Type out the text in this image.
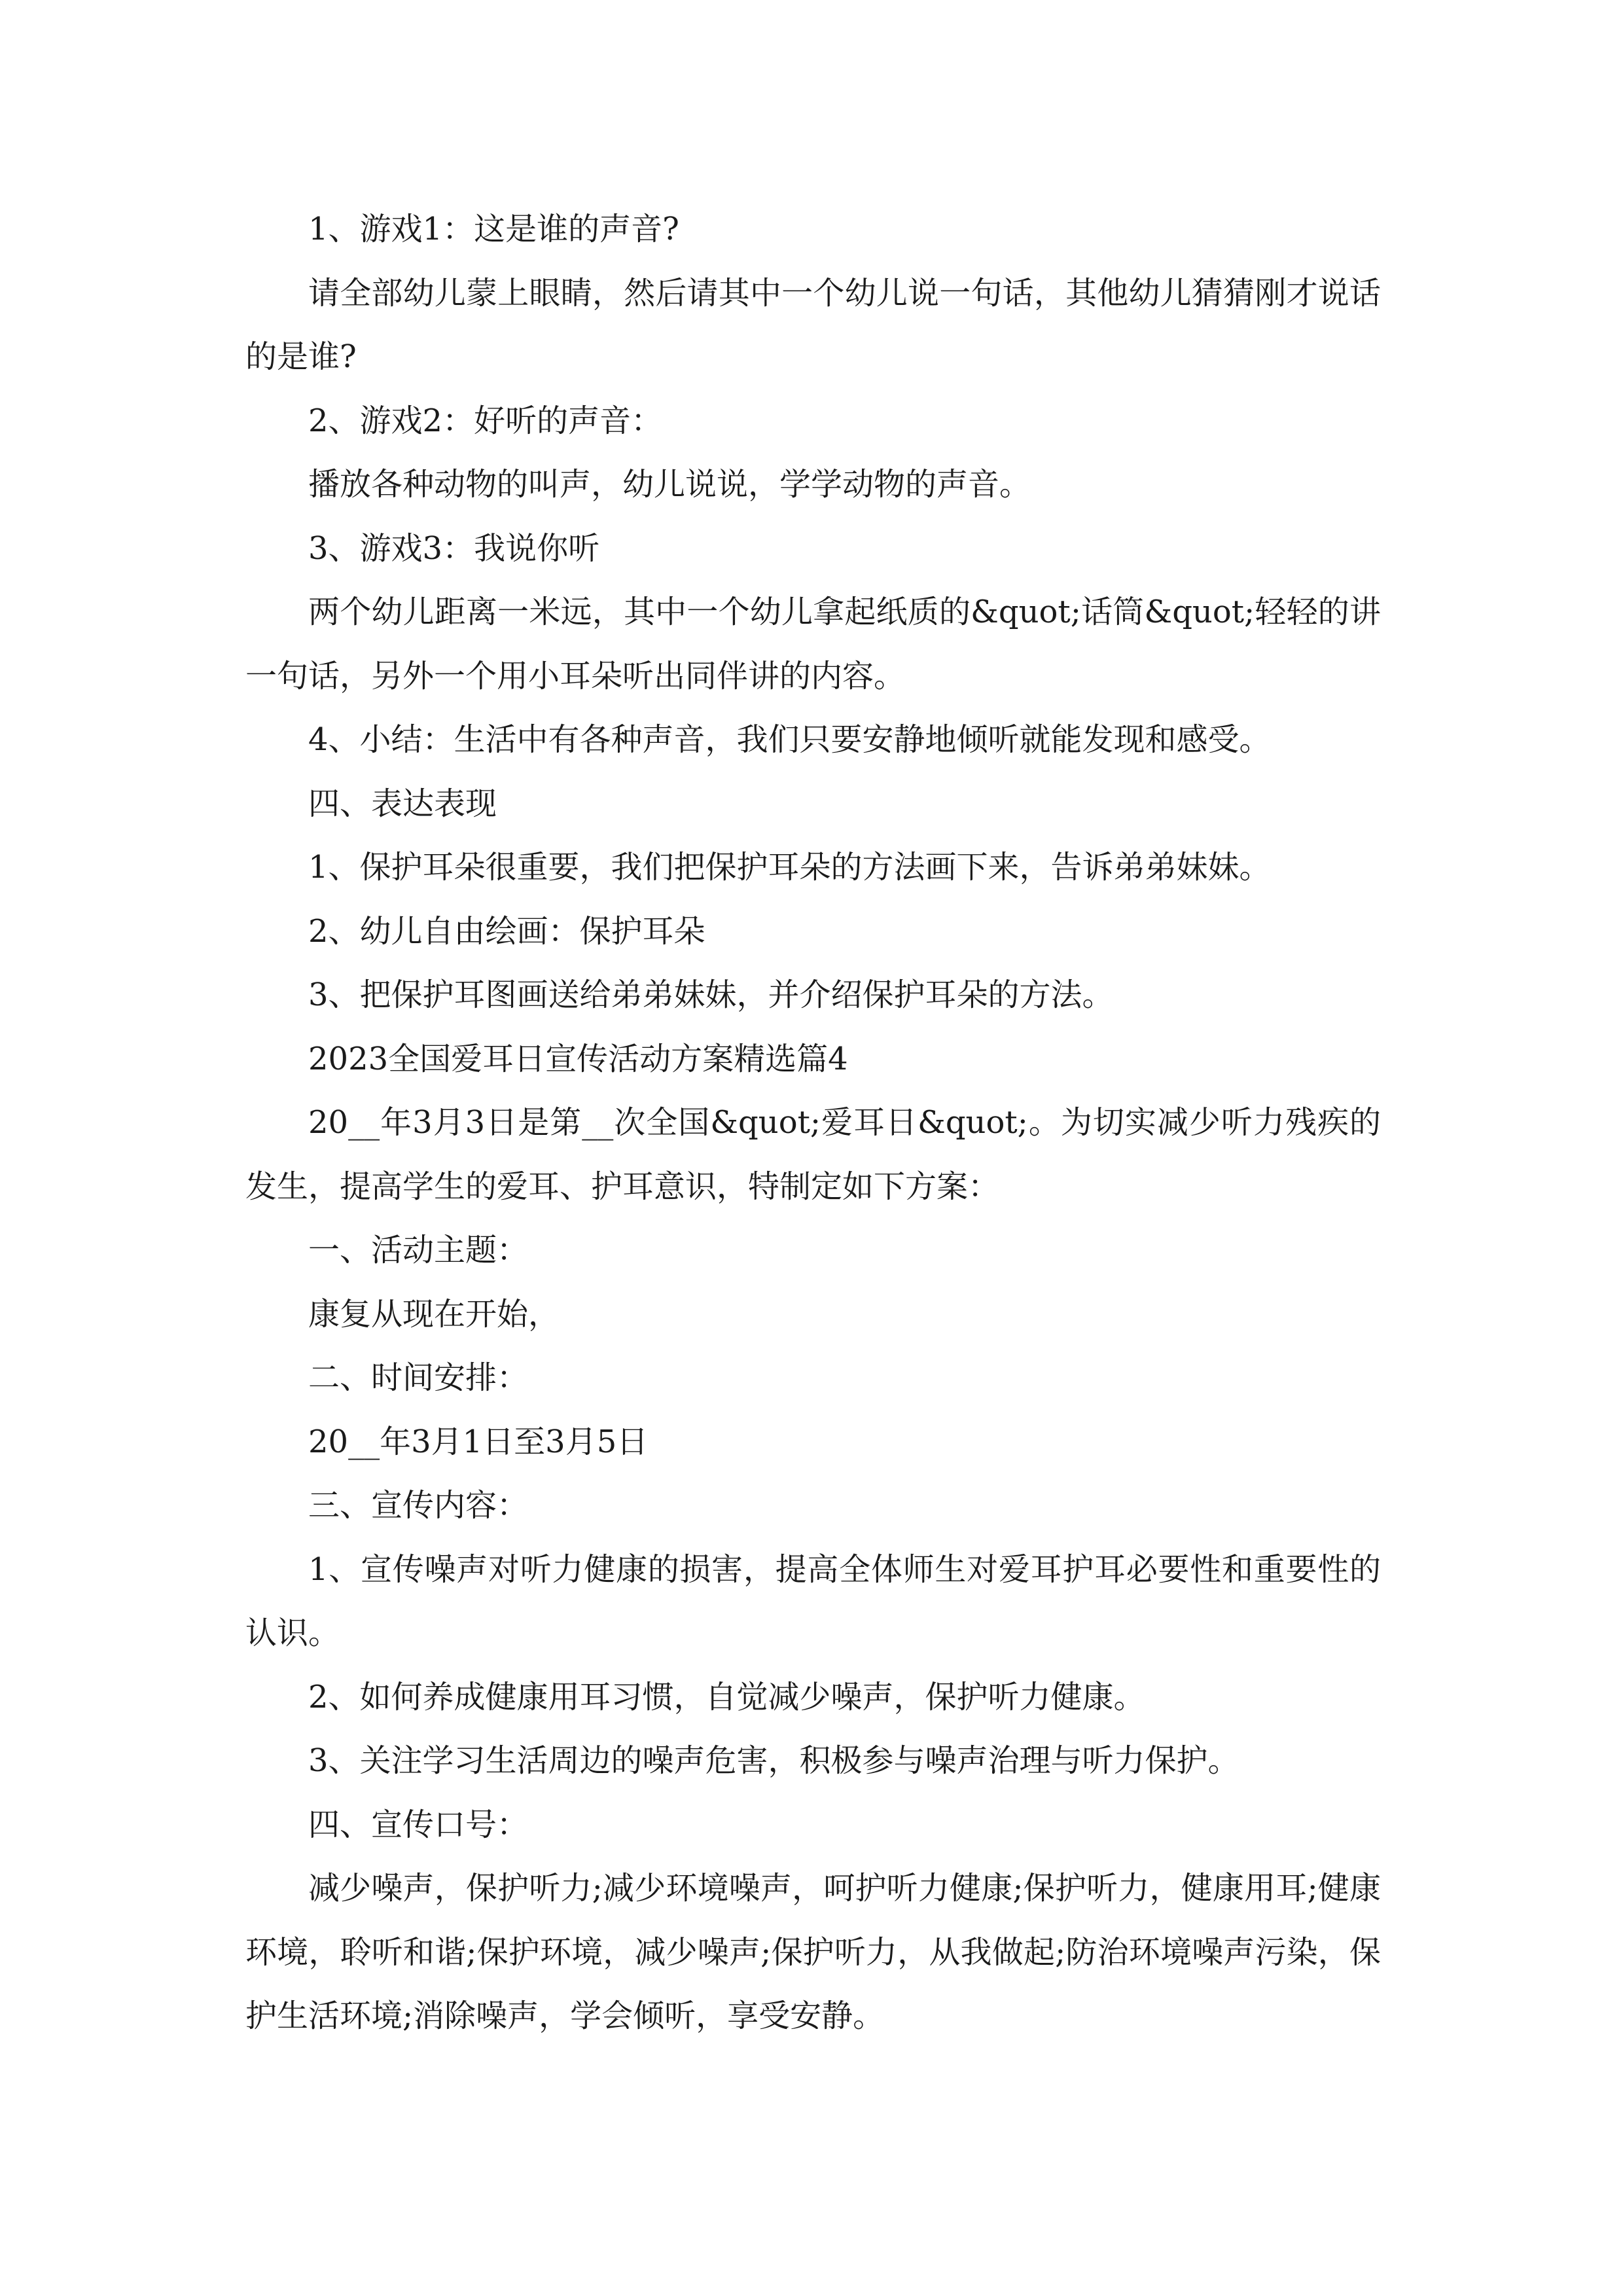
1、游戏1：这是谁的声音?

请全部幼儿蒙上眼睛，然后请其中一个幼儿说一句话，其他幼儿猜猜刚才说话的是谁?

2、游戏2：好听的声音：

播放各种动物的叫声，幼儿说说，学学动物的声音。

3、游戏3：我说你听

两个幼儿距离一米远，其中一个幼儿拿起纸质的&quot;话筒&quot;轻轻的讲一句话，另外一个用小耳朵听出同伴讲的内容。

4、小结：生活中有各种声音，我们只要安静地倾听就能发现和感受。

四、表达表现

1、保护耳朵很重要，我们把保护耳朵的方法画下来，告诉弟弟妹妹。

2、幼儿自由绘画：保护耳朵

3、把保护耳图画送给弟弟妹妹，并介绍保护耳朵的方法。

2023全国爱耳日宣传活动方案精选篇4

20__年3月3日是第__次全国&quot;爱耳日&quot;。为切实减少听力残疾的发生，提高学生的爱耳、护耳意识，特制定如下方案：

一、活动主题：

康复从现在开始，

二、时间安排：

20__年3月1日至3月5日

三、宣传内容：

1、宣传噪声对听力健康的损害，提高全体师生对爱耳护耳必要性和重要性的认识。

2、如何养成健康用耳习惯，自觉减少噪声，保护听力健康。

3、关注学习生活周边的噪声危害，积极参与噪声治理与听力保护。

四、宣传口号：

减少噪声，保护听力;减少环境噪声，呵护听力健康;保护听力，健康用耳;健康环境，聆听和谐;保护环境，减少噪声;保护听力，从我做起;防治环境噪声污染，保护生活环境;消除噪声，学会倾听，享受安静。
